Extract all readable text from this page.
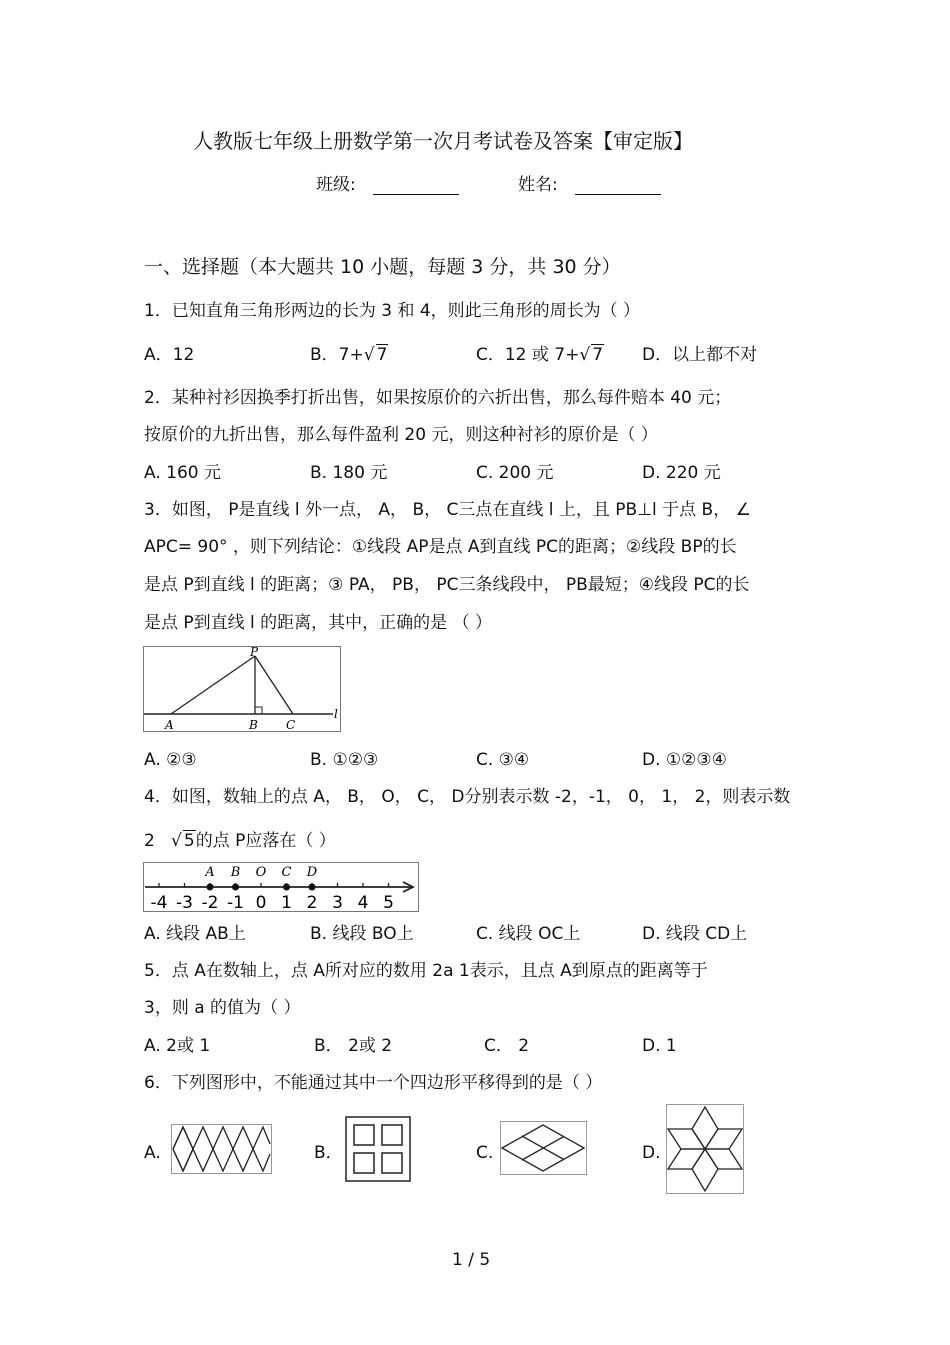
人教版七年级上册数学第一次月考试卷及答案【审定版】
班级:	姓名:
一、选择题（本大题共 10 小题，每题 3 分，共 30 分）
1．已知直角三角形两边的长为 3 和 4，则此三角形的周长为（ ）
A．12	B．7+√ 7	C．12 或 7+√ 7 D．以上都不对
2．某种衬衫因换季打折出售，如果按原价的六折出售，那么每件赔本 40 元；
按原价的九折出售，那么每件盈利 20 元，则这种衬衫的原价是（ ）
A. 160 元	B. 180 元	C. 200 元	D. 220 元
3．如图， P是直线 l 外一点， A， B， C三点在直线 l 上，且 PB⊥l 于点 B， ∠
APC= 90° ，则下列结论：①线段 AP是点 A到直线 PC的距离；②线段 BP的长
是点 P到直线 l 的距离；③ PA， PB， PC三条线段中， PB最短；④线段 PC的长
是点 P到直线 l 的距离，其中，正确的是 （ ）
P
A	B C
l
A. ②③	B. ①②③	C. ③④	D. ①②③④
4．如图，数轴上的点 A， B， O， C， D分别表示数 -2，-1， 0， 1， 2，则表示数
2 √ 5的点 P应落在（ ）
-4 -3 -2 -1 0 1 2 3 4 5
A B O C D
A. 线段 AB上	B. 线段 BO上	C. 线段 OC上	D. 线段 CD上
5．点 A在数轴上，点 A所对应的数用 2a 1表示，且点 A到原点的距离等于
3，则 a 的值为（ ）
A. 2或 1	B． 2或 2	C． 2	D. 1
6．下列图形中，不能通过其中一个四边形平移得到的是（ ）
A.	B．	C.	D.
1 / 5
